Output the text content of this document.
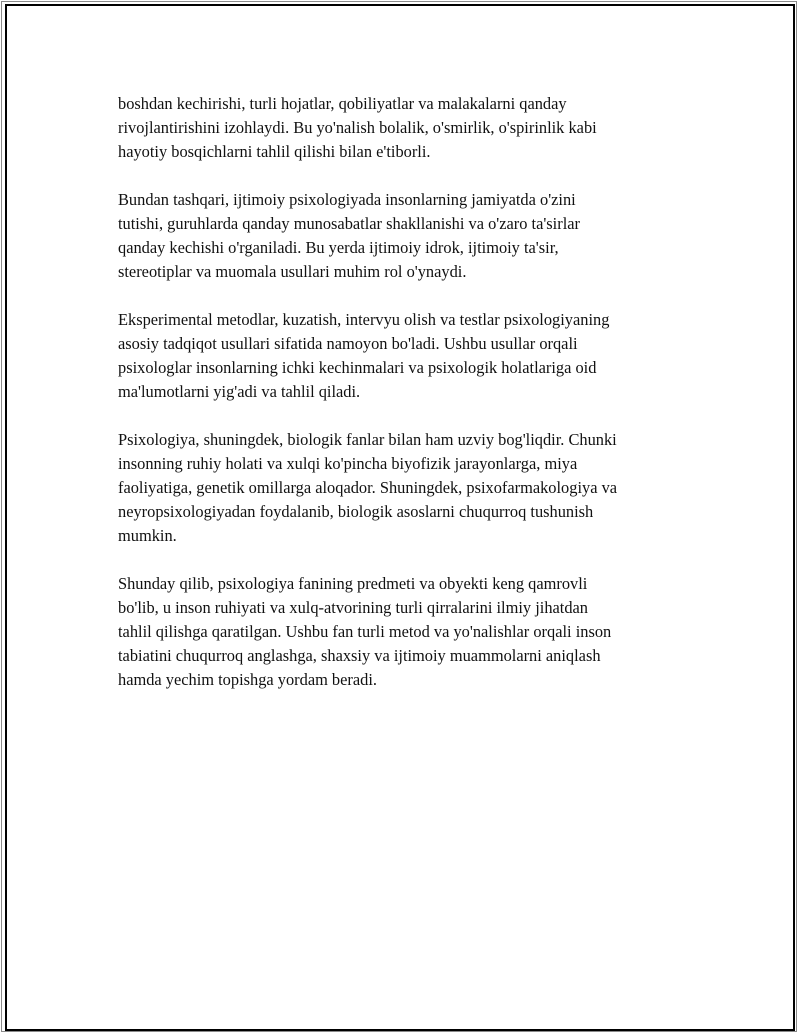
boshdan kechirishi, turli hojatlar, qobiliyatlar va malakalarni qanday
rivojlantirishini izohlaydi. Bu yo'nalish bolalik, o'smirlik, o'spirinlik kabi
hayotiy bosqichlarni tahlil qilishi bilan e'tiborli.

Bundan tashqari, ijtimoiy psixologiyada insonlarning jamiyatda o'zini
tutishi, guruhlarda qanday munosabatlar shakllanishi va o'zaro ta'sirlar
qanday kechishi o'rganiladi. Bu yerda ijtimoiy idrok, ijtimoiy ta'sir,
stereotiplar va muomala usullari muhim rol o'ynaydi.

Eksperimental metodlar, kuzatish, intervyu olish va testlar psixologiyaning
asosiy tadqiqot usullari sifatida namoyon bo'ladi. Ushbu usullar orqali
psixologlar insonlarning ichki kechinmalari va psixologik holatlariga oid
ma'lumotlarni yig'adi va tahlil qiladi.

Psixologiya, shuningdek, biologik fanlar bilan ham uzviy bog'liqdir. Chunki
insonning ruhiy holati va xulqi ko'pincha biyofizik jarayonlarga, miya
faoliyatiga, genetik omillarga aloqador. Shuningdek, psixofarmakologiya va
neyropsixologiyadan foydalanib, biologik asoslarni chuqurroq tushunish
mumkin.

Shunday qilib, psixologiya fanining predmeti va obyekti keng qamrovli
bo'lib, u inson ruhiyati va xulq-atvorining turli qirralarini ilmiy jihatdan
tahlil qilishga qaratilgan. Ushbu fan turli metod va yo'nalishlar orqali inson
tabiatini chuqurroq anglashga, shaxsiy va ijtimoiy muammolarni aniqlash
hamda yechim topishga yordam beradi.
